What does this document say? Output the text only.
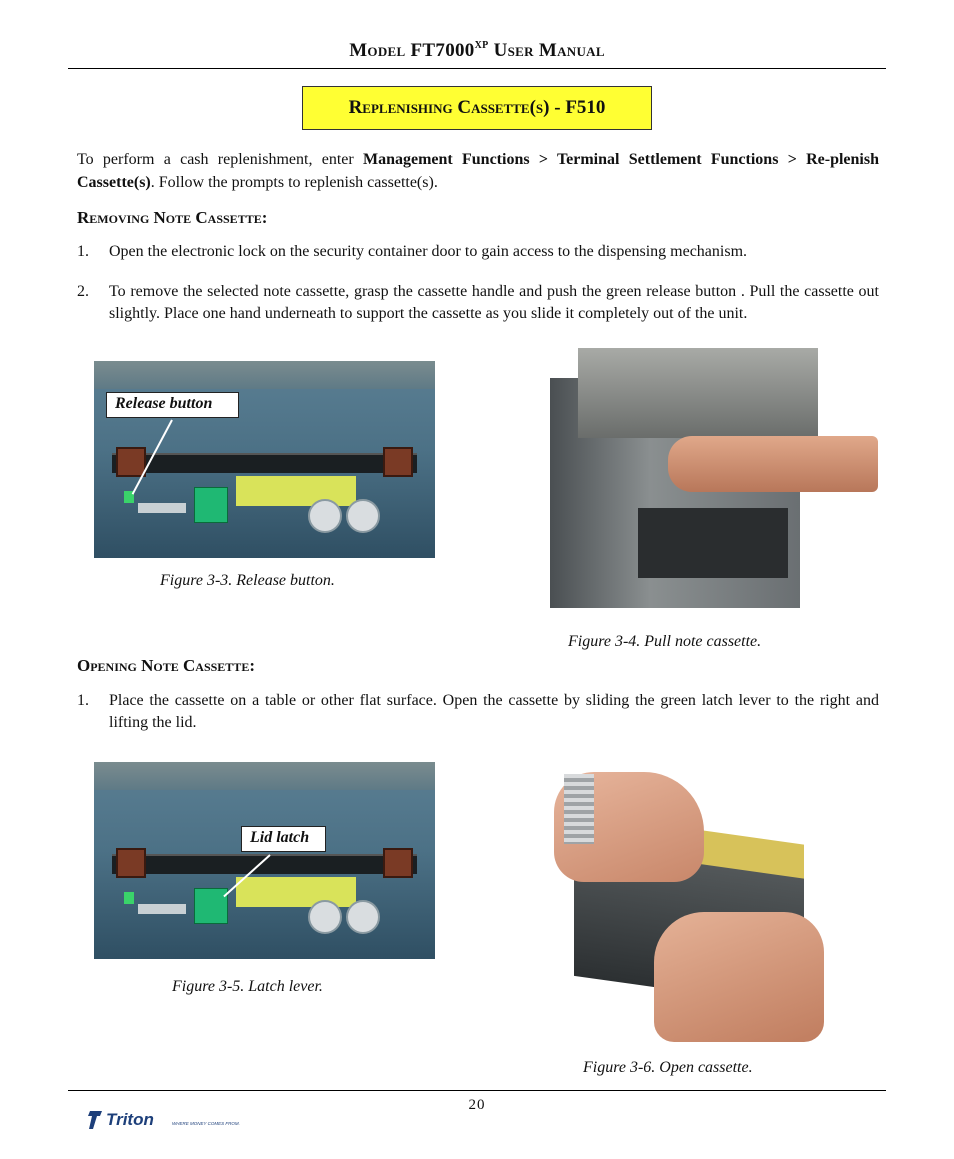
Model $FT7000^{XP}$ User Manual
Replenishing Cassette(s) - F510
To perform a cash replenishment, enter Management Functions > Terminal Settlement Functions > Re-plenish Cassette(s). Follow the prompts to replenish cassette(s).
Removing Note Cassette:
1.	Open the electronic lock on the security container door to gain access to the dispensing mechanism.
2.	To remove the selected note cassette, grasp the cassette handle and push the green release button . Pull the cassette out slightly. Place one hand underneath to support the cassette as you slide it completely out of the unit.
Release button
Figure 3-3. Release button.
Figure 3-4. Pull note cassette.
Opening Note Cassette:
1.	Place the cassette on a table or other flat surface. Open the cassette by sliding the green latch lever to the right and lifting the lid.
Lid latch
Figure 3-5. Latch lever.
Figure 3-6. Open cassette.
20
Triton	WHERE MONEY COMES FROM.
